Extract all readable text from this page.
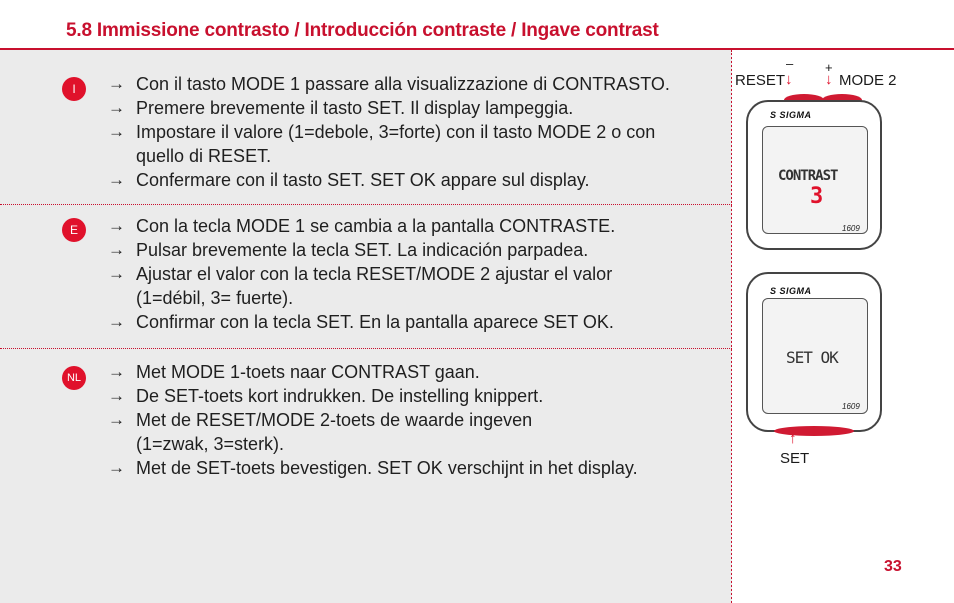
5.8 Immissione contrasto / Introducción contraste / Ingave contrast
I	→ Con il tasto MODE 1 passare alla visualizzazione di CONTRASTO.
→ Premere brevemente il tasto SET. Il display lampeggia.
→ Impostare il valore (1=debole, 3=forte) con il tasto MODE 2 o con quello di RESET.
→ Confermare con il tasto SET. SET OK appare sul display.
E	→ Con la tecla MODE 1 se cambia a la pantalla CONTRASTE.
→ Pulsar brevemente la tecla SET. La indicación parpadea.
→ Ajustar el valor con la tecla RESET/MODE 2 ajustar el valor (1=débil, 3= fuerte).
→ Confirmar con la tecla SET. En la pantalla aparece SET OK.
NL → Met MODE 1-toets naar CONTRAST gaan.
→ De SET-toets kort indrukken. De instelling knippert.
→ Met de RESET/MODE 2-toets de waarde ingeven (1=zwak, 3=sterk).
→ Met de SET-toets bevestigen. SET OK verschijnt in het display.
– +
RESET ↓ ↓ MODE 2
S SIGMA
CONTRAST
3
1609
S SIGMA
SET OK
1609
↑
SET
33
